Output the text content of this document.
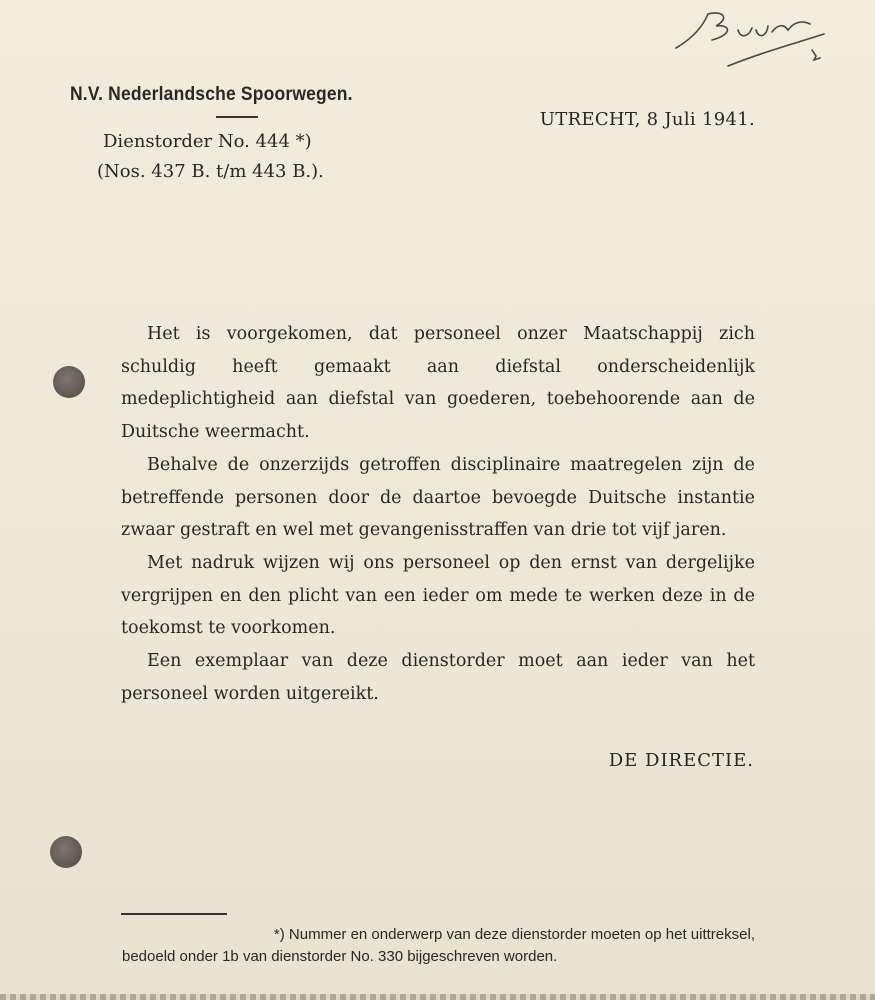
N.V. Nederlandsche Spoorwegen.
Dienstorder No. 444 *)
(Nos. 437 B. t/m 443 B.).
UTRECHT, 8 Juli 1941.

Het is voorgekomen, dat personeel onzer Maatschappij zich schuldig heeft gemaakt aan diefstal onderscheidenlijk medeplichtigheid aan diefstal van goederen, toebehoorende aan de Duitsche weermacht.

Behalve de onzerzijds getroffen disciplinaire maatregelen zijn de betreffende personen door de daartoe bevoegde Duitsche instantie zwaar gestraft en wel met gevangenisstraffen van drie tot vijf jaren.

Met nadruk wijzen wij ons personeel op den ernst van dergelijke vergrijpen en den plicht van een ieder om mede te werken deze in de toekomst te voorkomen.

Een exemplaar van deze dienstorder moet aan ieder van het personeel worden uitgereikt.

DE DIRECTIE.
*) Nummer en onderwerp van deze dienstorder moeten op het uittreksel,
bedoeld onder 1b van dienstorder No. 330 bijgeschreven worden.
